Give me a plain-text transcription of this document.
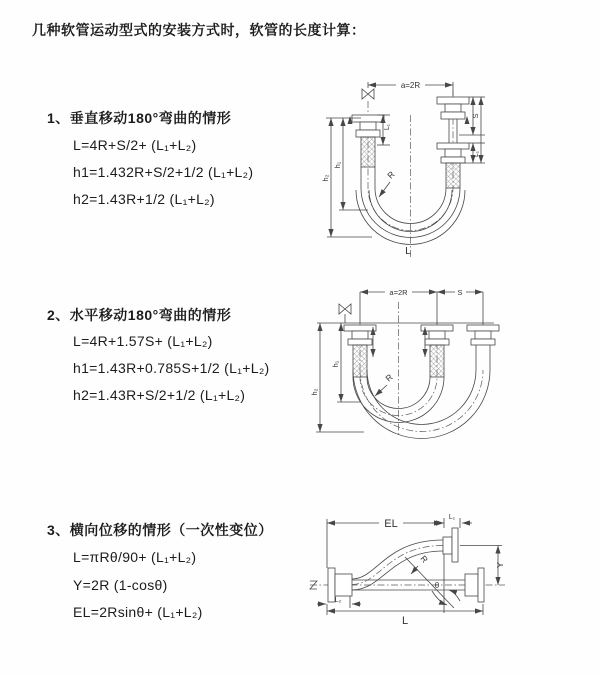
几种软管运动型式的安装方式时，软管的长度计算：
1、垂直移动180°弯曲的情形
L=4R+S/2+ (L₁+L₂)
h1=1.432R+S/2+1/2 (L₁+L₂)
h2=1.43R+1/2 (L₁+L₂)
2、水平移动180°弯曲的情形
L=4R+1.57S+ (L₁+L₂)
h1=1.43R+0.785S+1/2 (L₁+L₂)
h2=1.43R+S/2+1/2 (L₁+L₂)
3、横向位移的情形（一次性变位）
L=πRθ/90+ (L₁+L₂)
Y=2R (1-cosθ)
EL=2Rsinθ+ (L₁+L₂)
a=2R
L₁
S
L₁
h₁
h₂	R
L
a=2R	S
h₁
h₂
R
EL
L₁
θ
R
Y
L₂
L
